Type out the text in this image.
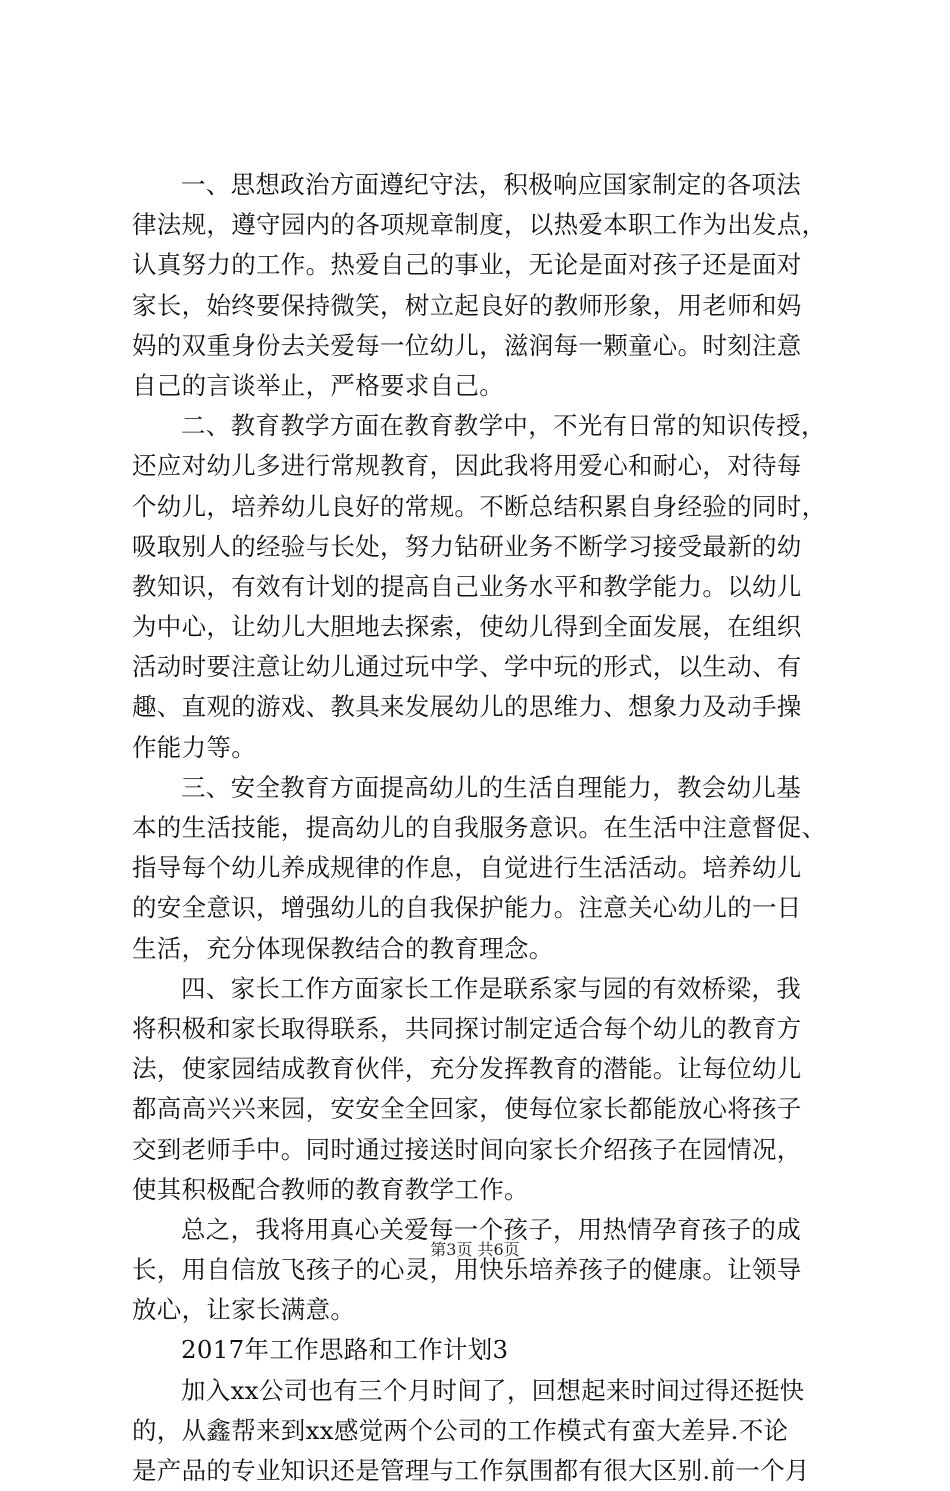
一、思想政治方面遵纪守法，积极响应国家制定的各项法
律法规，遵守园内的各项规章制度，以热爱本职工作为出发点，
认真努力的工作。热爱自己的事业，无论是面对孩子还是面对
家长，始终要保持微笑，树立起良好的教师形象，用老师和妈
妈的双重身份去关爱每一位幼儿，滋润每一颗童心。时刻注意
自己的言谈举止，严格要求自己。
二、教育教学方面在教育教学中，不光有日常的知识传授，
还应对幼儿多进行常规教育，因此我将用爱心和耐心，对待每
个幼儿，培养幼儿良好的常规。不断总结积累自身经验的同时，
吸取别人的经验与长处，努力钻研业务不断学习接受最新的幼
教知识，有效有计划的提高自己业务水平和教学能力。以幼儿
为中心，让幼儿大胆地去探索，使幼儿得到全面发展，在组织
活动时要注意让幼儿通过玩中学、学中玩的形式，以生动、有
趣、直观的游戏、教具来发展幼儿的思维力、想象力及动手操
作能力等。
三、安全教育方面提高幼儿的生活自理能力，教会幼儿基
本的生活技能，提高幼儿的自我服务意识。在生活中注意督促、
指导每个幼儿养成规律的作息，自觉进行生活活动。培养幼儿
的安全意识，增强幼儿的自我保护能力。注意关心幼儿的一日
生活，充分体现保教结合的教育理念。
四、家长工作方面家长工作是联系家与园的有效桥梁，我
将积极和家长取得联系，共同探讨制定适合每个幼儿的教育方
法，使家园结成教育伙伴，充分发挥教育的潜能。让每位幼儿
都高高兴兴来园，安安全全回家，使每位家长都能放心将孩子
交到老师手中。同时通过接送时间向家长介绍孩子在园情况，
使其积极配合教师的教育教学工作。
总之，我将用真心关爱每一个孩子，用热情孕育孩子的成
长，用自信放飞孩子的心灵，用快乐培养孩子的健康。让领导
放心，让家长满意。
2017年工作思路和工作计划3
加入xx公司也有三个月时间了，回想起来时间过得还挺快
的，从鑫帮来到xx感觉两个公司的工作模式有蛮大差异.不论
是产品的专业知识还是管理与工作氛围都有很大区别.前一个月
第3页 共6页
